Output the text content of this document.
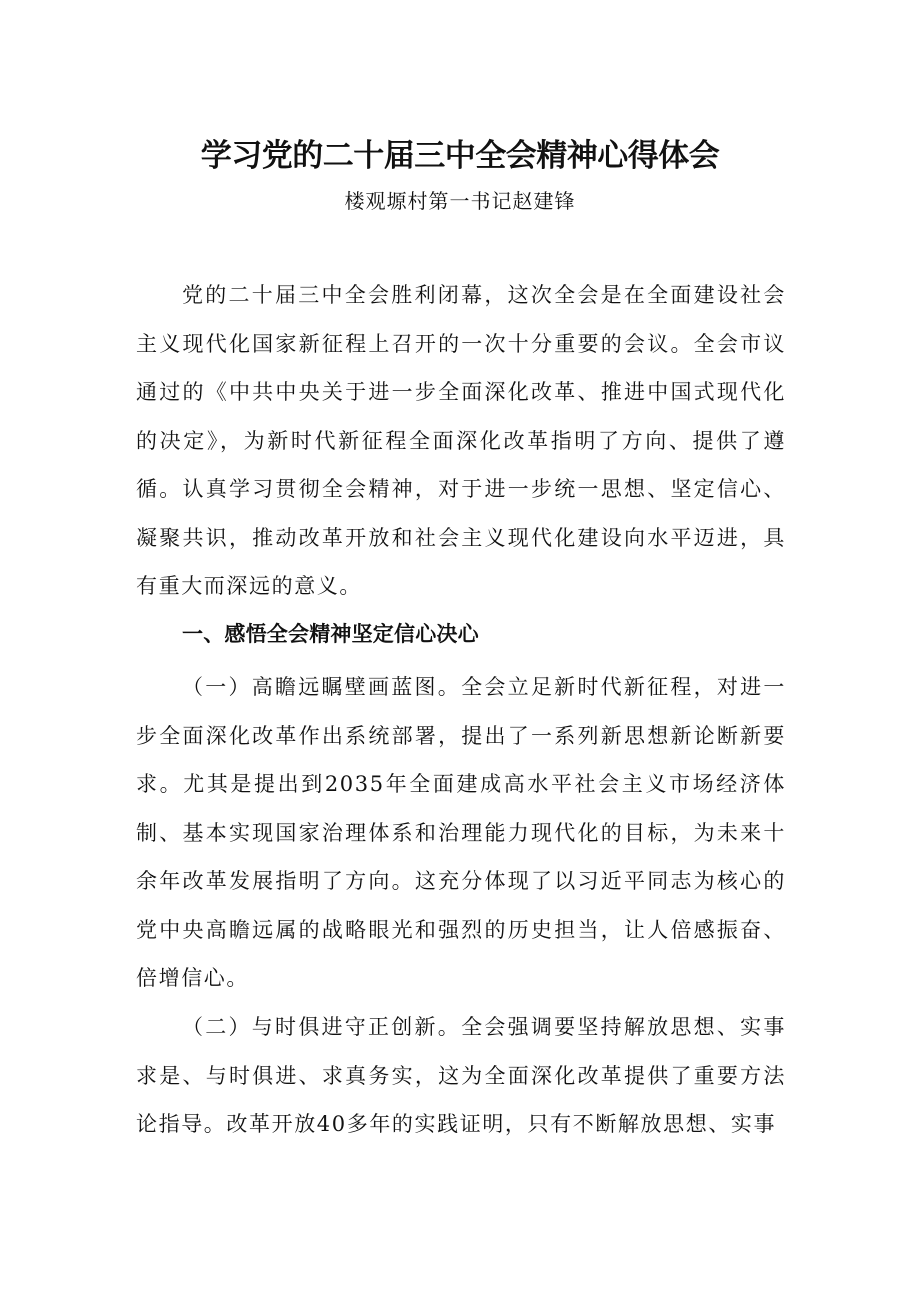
学习党的二十届三中全会精神心得体会
楼观塬村第一书记赵建锋

党的二十届三中全会胜利闭幕，这次全会是在全面建设社会主义现代化国家新征程上召开的一次十分重要的会议。全会市议通过的《中共中央关于进一步全面深化改革、推进中国式现代化的决定》，为新时代新征程全面深化改革指明了方向、提供了遵循。认真学习贯彻全会精神，对于进一步统一思想、坚定信心、凝聚共识，推动改革开放和社会主义现代化建设向水平迈进，具有重大而深远的意义。

一、感悟全会精神坚定信心决心

（一）高瞻远瞩壁画蓝图。全会立足新时代新征程，对进一步全面深化改革作出系统部署，提出了一系列新思想新论断新要求。尤其是提出到2035年全面建成高水平社会主义市场经济体制、基本实现国家治理体系和治理能力现代化的目标，为未来十余年改革发展指明了方向。这充分体现了以习近平同志为核心的党中央高瞻远属的战略眼光和强烈的历史担当，让人倍感振奋、倍增信心。

（二）与时俱进守正创新。全会强调要坚持解放思想、实事求是、与时俱进、求真务实，这为全面深化改革提供了重要方法论指导。改革开放40多年的实践证明，只有不断解放思想、实事
